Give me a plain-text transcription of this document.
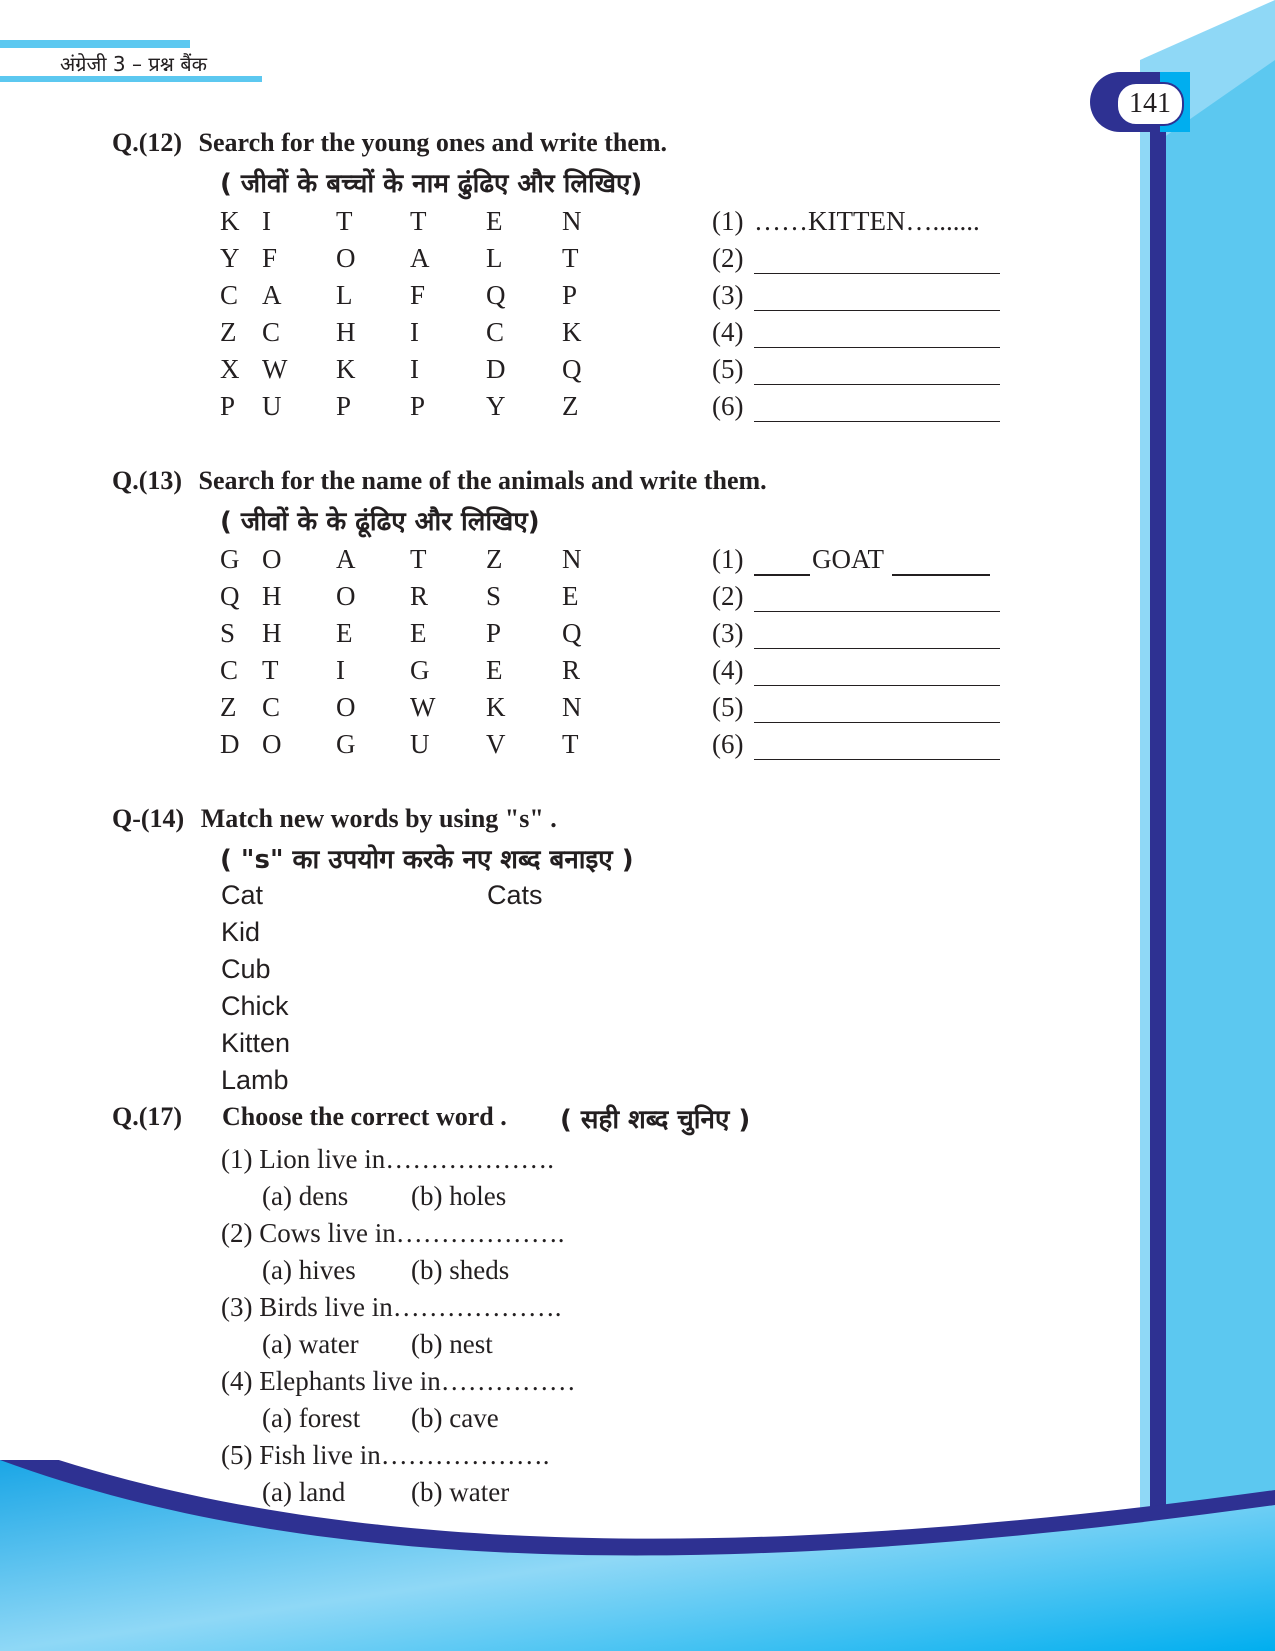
अंग्रेजी 3 – प्रश्न बैंक
141
Q.(12) Search for the young ones and write them.
( जीवों के बच्चों के नाम ढुंढिए और लिखिए)
K I T T E N
Y F O A L T
C A L F Q P
Z C H I C K
X W K I D Q
P U P P Y Z
(1) ……KITTEN….......
(2)
(3)
(4)
(5)
(6)
Q.(13) Search for the name of the animals and write them.
( जीवों के के ढूंढिए और लिखिए)
G O A T Z N
Q H O R S E
S H E E P Q
C T I G E R
Z C O W K N
D O G U V T
(1)	GOAT
(2)
(3)
(4)
(5)
(6)
Q-(14) Match new words by using "s" .
( "s" का उपयोग करके नए शब्द बनाइए )
Cat	Cats
Kid
Cub
Chick
Kitten
Lamb
Q.(17) Choose the correct word . ( सही शब्द चुनिए )
(1) Lion live in……………….
(a) dens (b) holes
(2) Cows live in……………….
(a) hives (b) sheds
(3) Birds live in……………….
(a) water (b) nest
(4) Elephants live in……………
(a) forest (b) cave
(5) Fish live in……………….
(a) land (b) water
